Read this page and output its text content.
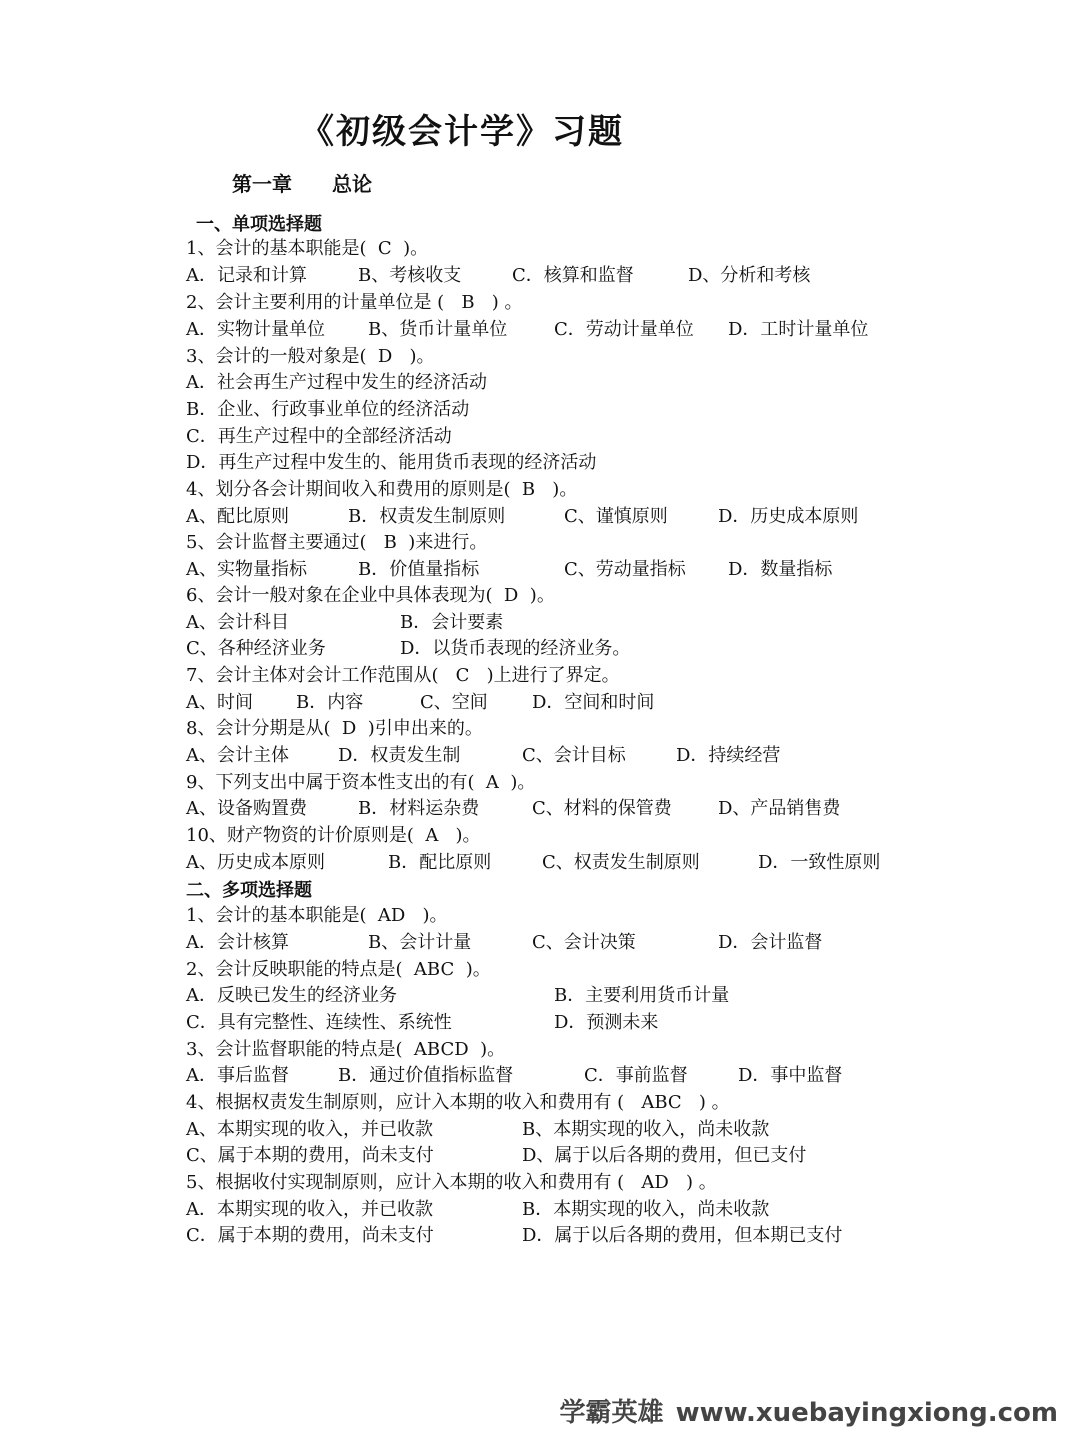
《初级会计学》习题
第一章 总论
一、单项选择题
1、会计的基本职能是(  C  )。

A．记录和计算

	B、考核收支

	C．核算和监督

	D、分析和考核

2、会计主要利用的计量单位是 (   B   ) 。

A．实物计量单位

B、货币计量单位

	C．劳动计量单位

D．工时计量单位

3、会计的一般对象是(  D   )。
A．社会再生产过程中发生的经济活动
B．企业、行政事业单位的经济活动
C．再生产过程中的全部经济活动
D．再生产过程中发生的、能用货币表现的经济活动
4、划分各会计期间收入和费用的原则是(  B   )。

A、配比原则

	B．权责发生制原则

	C、谨慎原则

	D．历史成本原则

5、会计监督主要通过(   B  )来进行。

A、实物量指标

	B．价值量指标

	C、劳动量指标

D．数量指标

6、会计一般对象在企业中具体表现为(  D  )。

A、会计科目

	B．会计要素

C、各种经济业务

	D．以货币表现的经济业务。

7、会计主体对会计工作范围从(   C   )上进行了界定。

A、时间

B．内容

	C、空间

D．空间和时间

8、会计分期是从(  D  )引申出来的。

A、会计主体

	D．权责发生制

	C、会计目标

	D．持续经营

9、下列支出中属于资本性支出的有(  A  )。

A、设备购置费

	B．材料运杂费

	C、材料的保管费

	D、产品销售费

10、财产物资的计价原则是(  A   )。

A、历史成本原则

	B．配比原则

	C、权责发生制原则

	D．一致性原则

二、多项选择题
1、会计的基本职能是(  AD   )。

A．会计核算

	B、会计计量

	C、会计决策

	D．会计监督

2、会计反映职能的特点是(  ABC  )。

A．反映已发生的经济业务

	B．主要利用货币计量

C．具有完整性、连续性、系统性

	D．预测未来

3、会计监督职能的特点是(  ABCD  )。

A．事后监督

	B．通过价值指标监督

	C．事前监督

	D．事中监督

4、根据权责发生制原则，应计入本期的收入和费用有 (   ABC   ) 。

A、本期实现的收入，并已收款

	B、本期实现的收入，尚未收款

C、属于本期的费用，尚未支付

	D、属于以后各期的费用，但已支付

5、根据收付实现制原则，应计入本期的收入和费用有 (   AD   ) 。

A．本期实现的收入，并已收款

	B．本期实现的收入，尚未收款

C．属于本期的费用，尚未支付

	D．属于以后各期的费用，但本期已支付

学霸英雄 www.xuebayingxiong.com
